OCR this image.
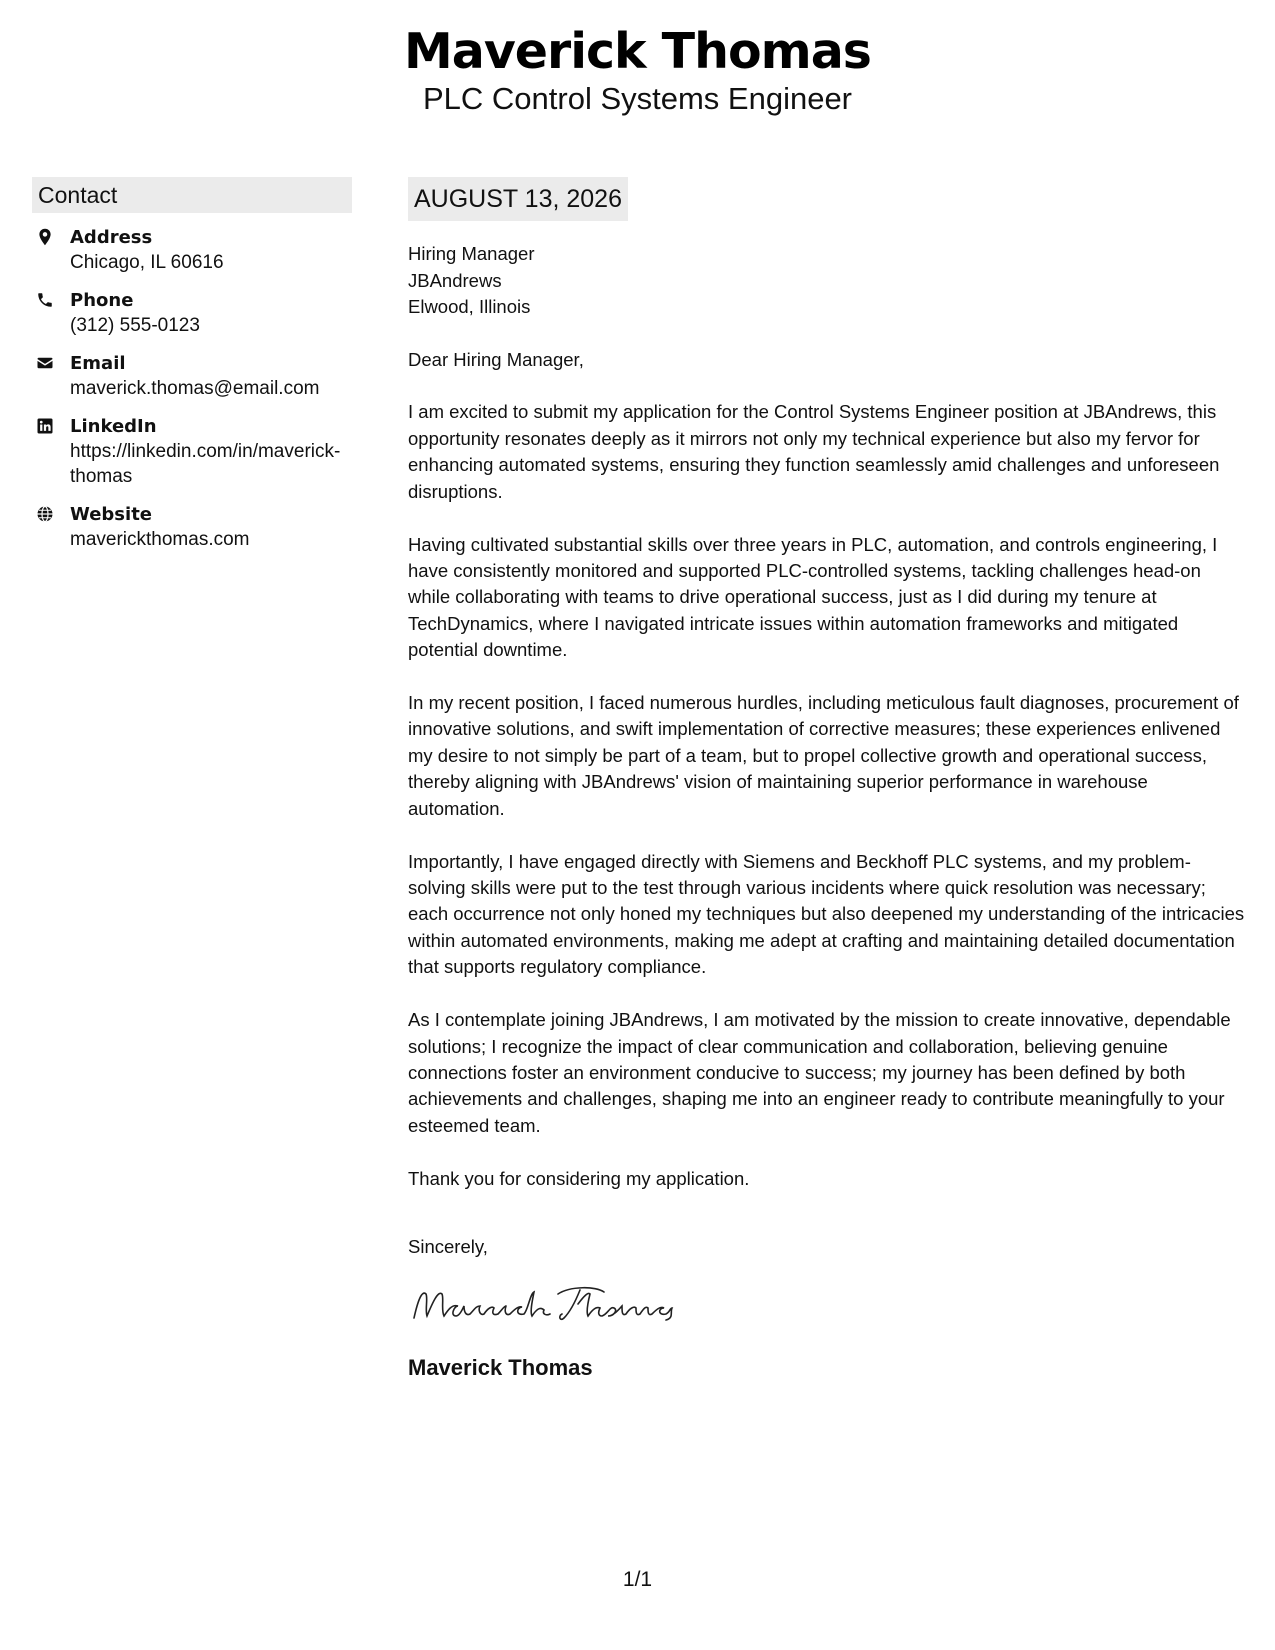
Maverick Thomas
PLC Control Systems Engineer
Contact
Address
Chicago, IL 60616
Phone
(312) 555-0123
Email
maverick.thomas@email.com
LinkedIn
https://linkedin.com/in/maverick-thomas
Website
maverickthomas.com
AUGUST 13, 2026
Hiring Manager
JBAndrews
Elwood, Illinois
Dear Hiring Manager,
I am excited to submit my application for the Control Systems Engineer position at JBAndrews, this opportunity resonates deeply as it mirrors not only my technical experience but also my fervor for enhancing automated systems, ensuring they function seamlessly amid challenges and unforeseen disruptions.
Having cultivated substantial skills over three years in PLC, automation, and controls engineering, I have consistently monitored and supported PLC-controlled systems, tackling challenges head-on while collaborating with teams to drive operational success, just as I did during my tenure at TechDynamics, where I navigated intricate issues within automation frameworks and mitigated potential downtime.
In my recent position, I faced numerous hurdles, including meticulous fault diagnoses, procurement of innovative solutions, and swift implementation of corrective measures; these experiences enlivened my desire to not simply be part of a team, but to propel collective growth and operational success, thereby aligning with JBAndrews' vision of maintaining superior performance in warehouse automation.
Importantly, I have engaged directly with Siemens and Beckhoff PLC systems, and my problem-solving skills were put to the test through various incidents where quick resolution was necessary; each occurrence not only honed my techniques but also deepened my understanding of the intricacies within automated environments, making me adept at crafting and maintaining detailed documentation that supports regulatory compliance.
As I contemplate joining JBAndrews, I am motivated by the mission to create innovative, dependable solutions; I recognize the impact of clear communication and collaboration, believing genuine connections foster an environment conducive to success; my journey has been defined by both achievements and challenges, shaping me into an engineer ready to contribute meaningfully to your esteemed team.
Thank you for considering my application.
Sincerely,
Maverick Thomas
1/1
